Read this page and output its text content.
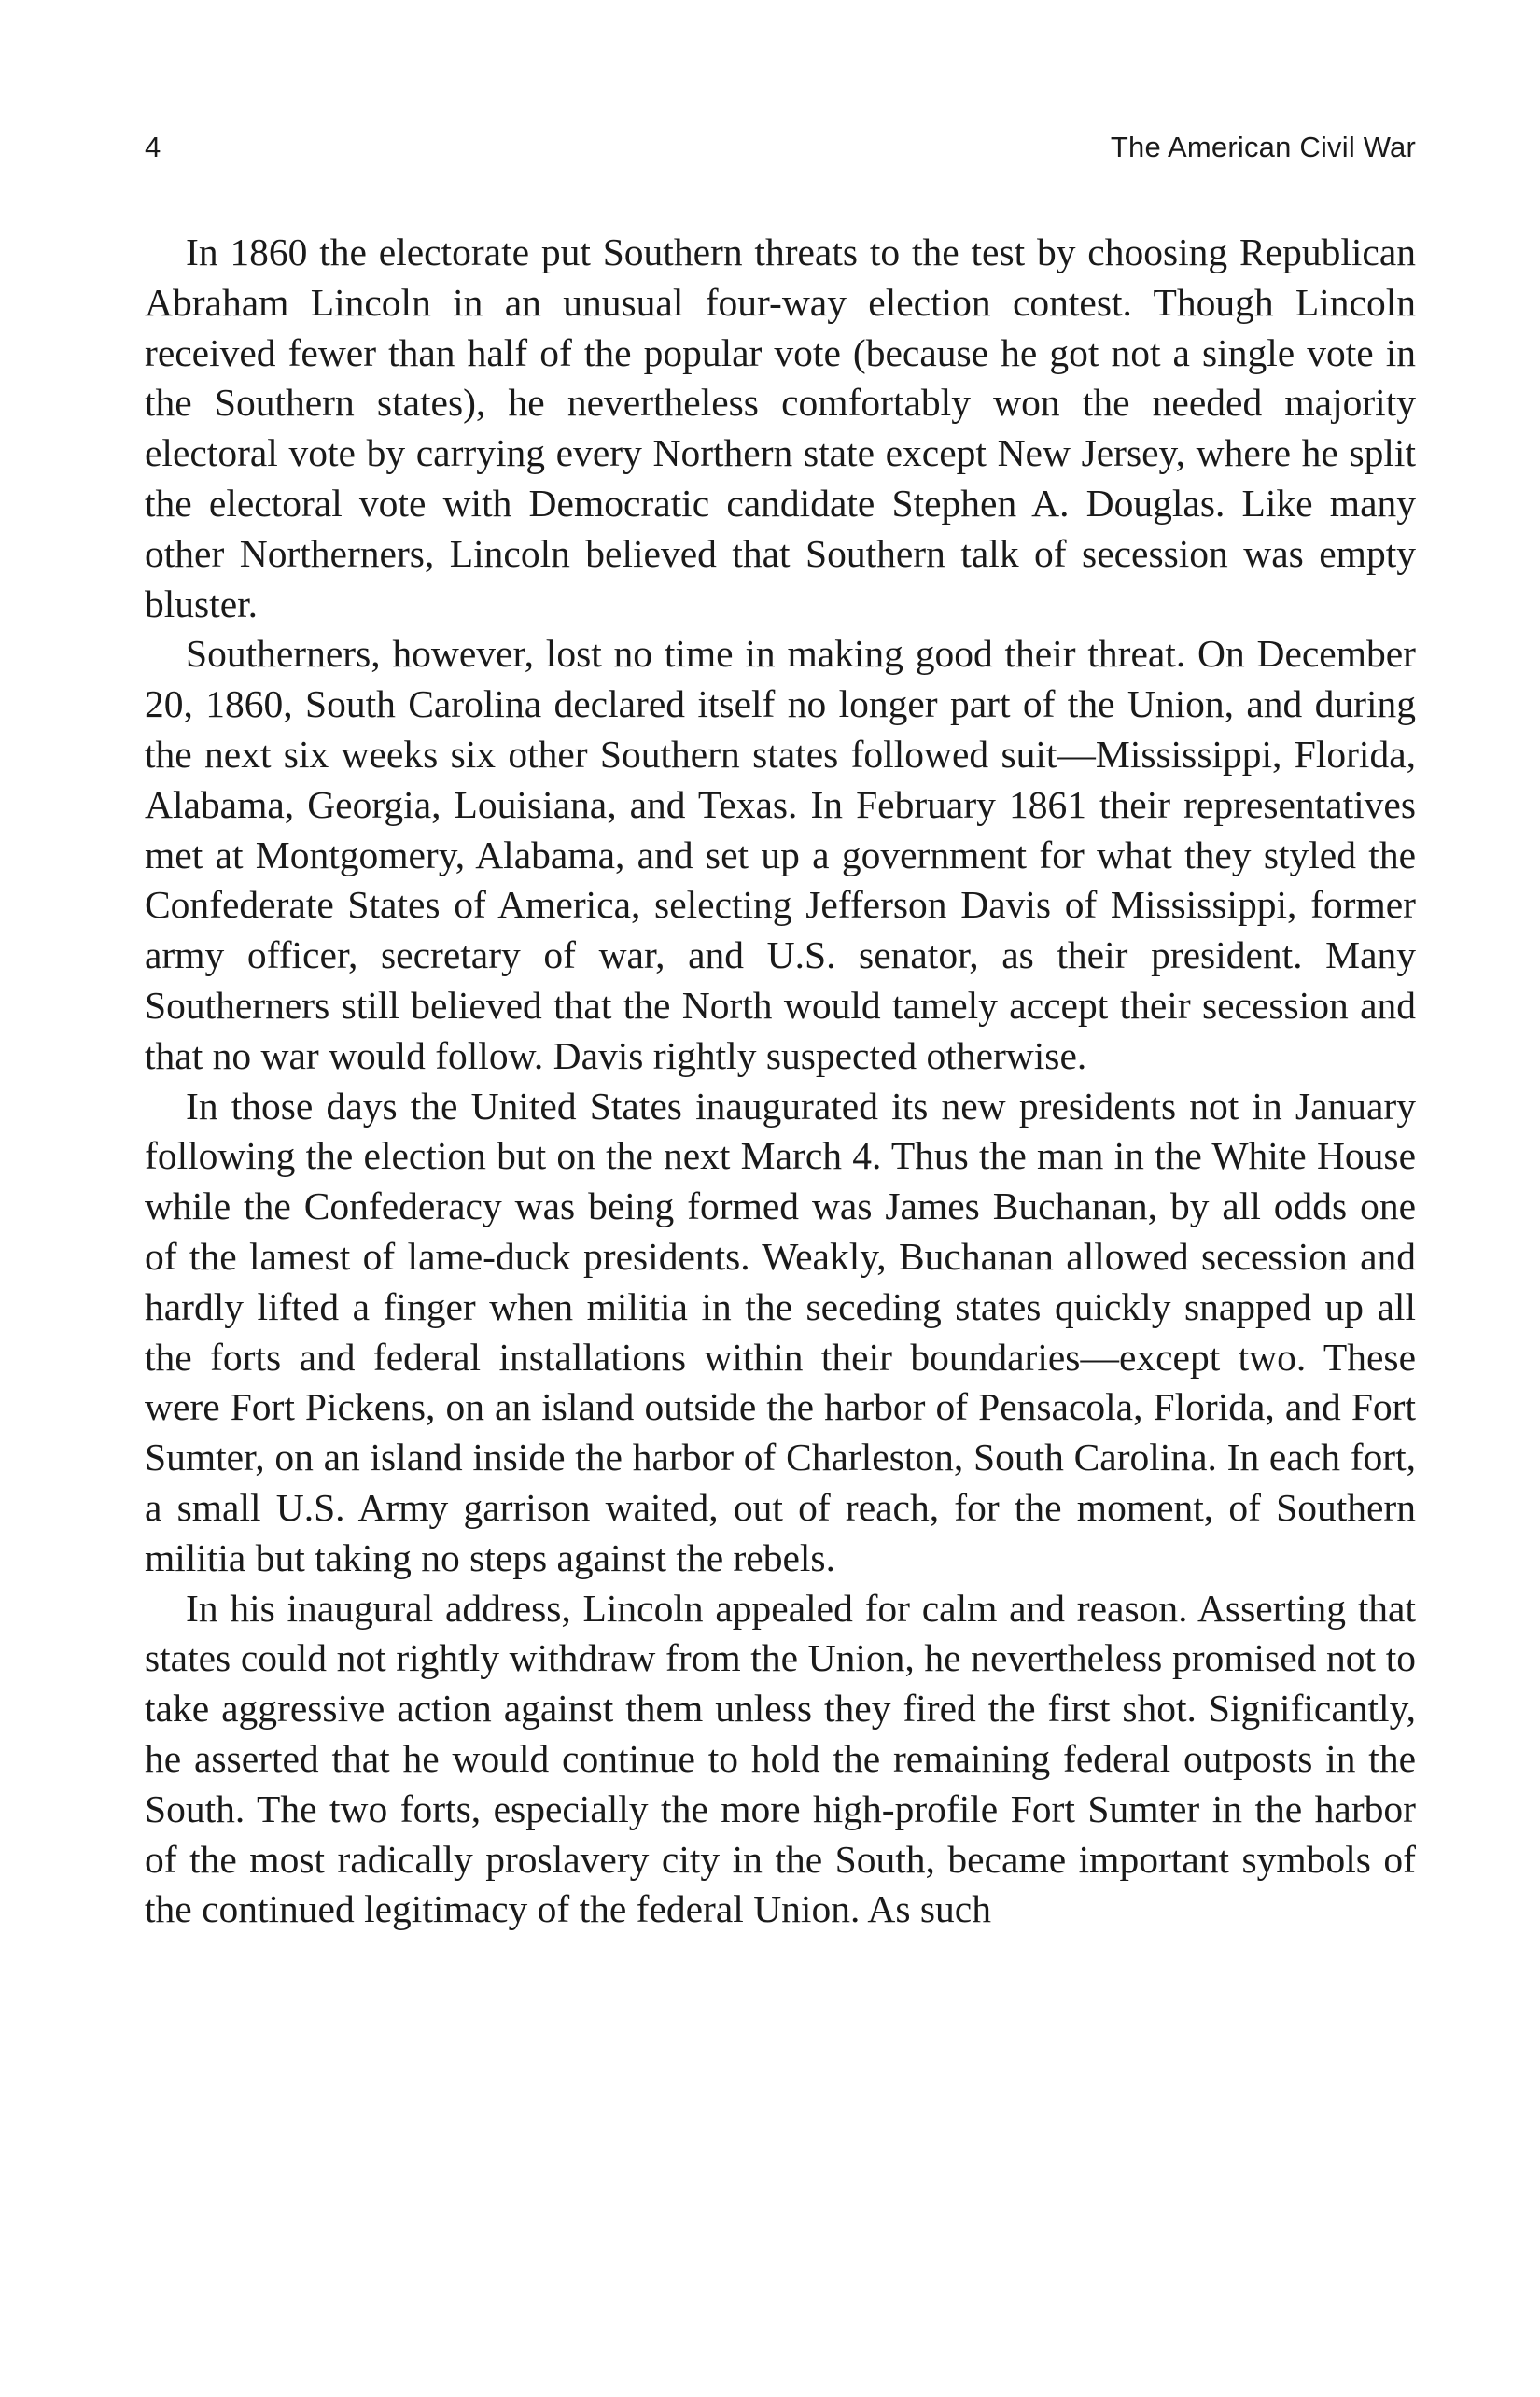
4	The American Civil War

In 1860 the electorate put Southern threats to the test by choosing Republican Abraham Lincoln in an unusual four-way election contest. Though Lincoln received fewer than half of the popular vote (because he got not a single vote in the Southern states), he nevertheless comfortably won the needed majority electoral vote by carrying every Northern state except New Jersey, where he split the electoral vote with Democratic candidate Stephen A. Douglas. Like many other Northerners, Lincoln believed that Southern talk of secession was empty bluster.

Southerners, however, lost no time in making good their threat. On December 20, 1860, South Carolina declared itself no longer part of the Union, and during the next six weeks six other Southern states followed suit—Mississippi, Florida, Alabama, Georgia, Louisiana, and Texas. In February 1861 their representatives met at Montgomery, Alabama, and set up a government for what they styled the Confederate States of America, selecting Jefferson Davis of Mississippi, former army officer, secretary of war, and U.S. senator, as their president. Many Southerners still believed that the North would tamely accept their secession and that no war would follow. Davis rightly suspected otherwise.

In those days the United States inaugurated its new presidents not in January following the election but on the next March 4. Thus the man in the White House while the Confederacy was being formed was James Buchanan, by all odds one of the lamest of lame-duck presidents. Weakly, Buchanan allowed secession and hardly lifted a finger when militia in the seceding states quickly snapped up all the forts and federal installations within their boundaries—except two. These were Fort Pickens, on an island outside the harbor of Pensacola, Florida, and Fort Sumter, on an island inside the harbor of Charleston, South Carolina. In each fort, a small U.S. Army garrison waited, out of reach, for the moment, of Southern militia but taking no steps against the rebels.

In his inaugural address, Lincoln appealed for calm and reason. Asserting that states could not rightly withdraw from the Union, he nevertheless promised not to take aggressive action against them unless they fired the first shot. Significantly, he asserted that he would continue to hold the remaining federal outposts in the South. The two forts, especially the more high-profile Fort Sumter in the harbor of the most radically proslavery city in the South, became important symbols of the continued legitimacy of the federal Union. As such
